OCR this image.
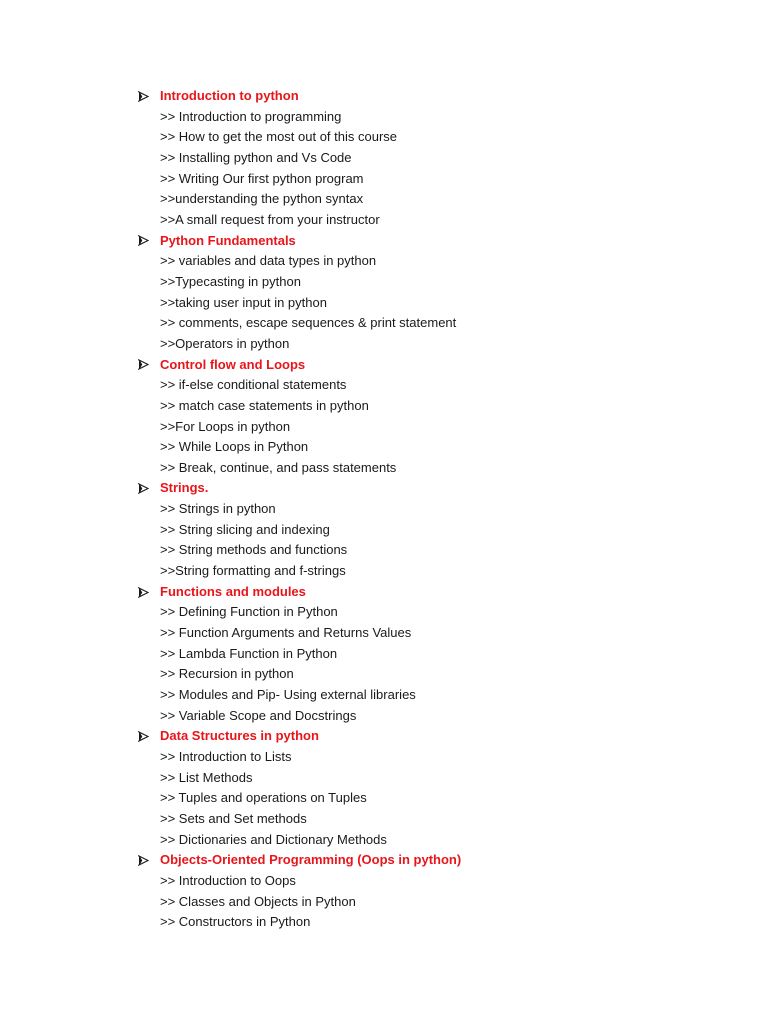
Introduction to python
>> Introduction to programming
>> How to get the most out of this course
>> Installing python and Vs Code
>> Writing Our first python program
>>understanding the python syntax
>>A small request from your instructor
Python Fundamentals
>> variables and data types in python
>>Typecasting in python
>>taking user input in python
>> comments, escape sequences & print statement
>>Operators in python
Control flow and Loops
>> if-else conditional statements
>> match case statements in python
>>For Loops in python
>> While Loops in Python
>> Break, continue, and pass statements
Strings.
>> Strings in python
>> String slicing and indexing
>> String methods and functions
>>String formatting and f-strings
Functions and modules
>> Defining Function in Python
>> Function Arguments and Returns Values
>> Lambda Function in Python
>> Recursion in python
>> Modules and Pip- Using external libraries
>> Variable Scope and Docstrings
Data Structures in python
>> Introduction to Lists
>> List Methods
>> Tuples and operations on Tuples
>> Sets and Set methods
>> Dictionaries and Dictionary Methods
Objects-Oriented Programming (Oops in python)
>> Introduction to Oops
>> Classes and Objects in Python
>> Constructors in Python
